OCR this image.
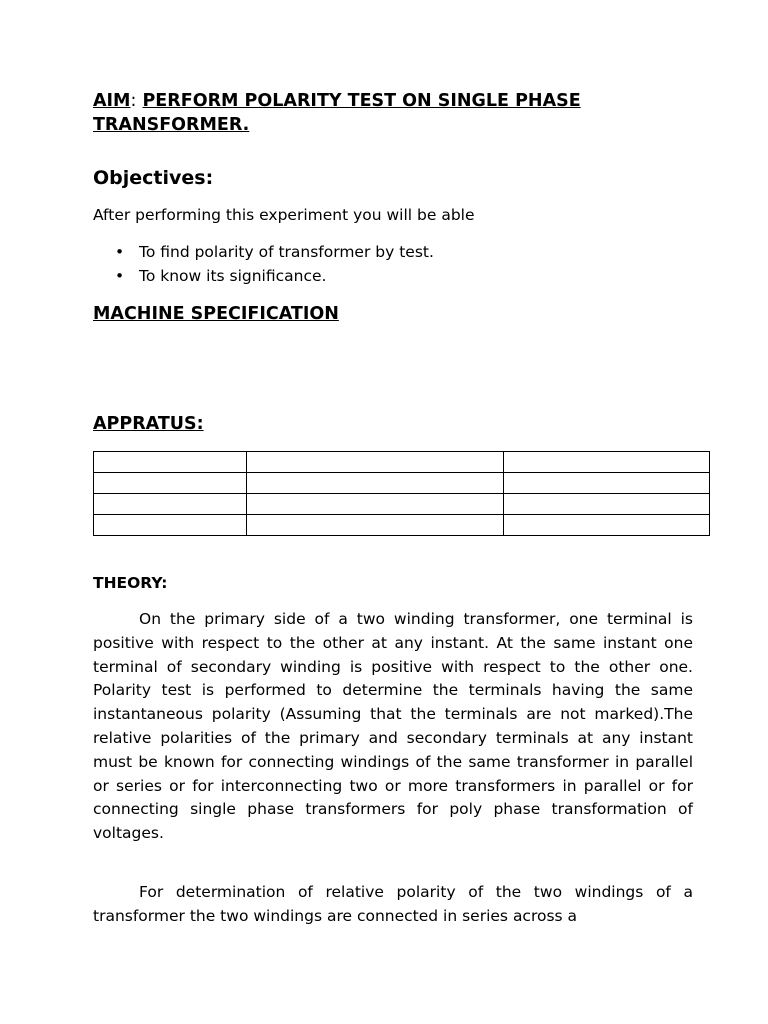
AIM: PERFORM POLARITY TEST ON SINGLE PHASE TRANSFORMER.
Objectives:
After performing this experiment you will be able
• To find polarity of transformer by test.
• To know its significance.
MACHINE SPECIFICATION
APPRATUS:

THEORY:

On the primary side of a two winding transformer, one terminal is positive with respect to the other at any instant. At the same instant one terminal of secondary winding is positive with respect to the other one. Polarity test is performed to determine the terminals having the same instantaneous polarity (Assuming that the terminals are not marked).The relative polarities of the primary and secondary terminals at any instant must be known for connecting windings of the same transformer in parallel or series or for interconnecting two or more transformers in parallel or for connecting single phase transformers for poly phase transformation of voltages.

For determination of relative polarity of the two windings of a transformer the two windings are connected in series across a
